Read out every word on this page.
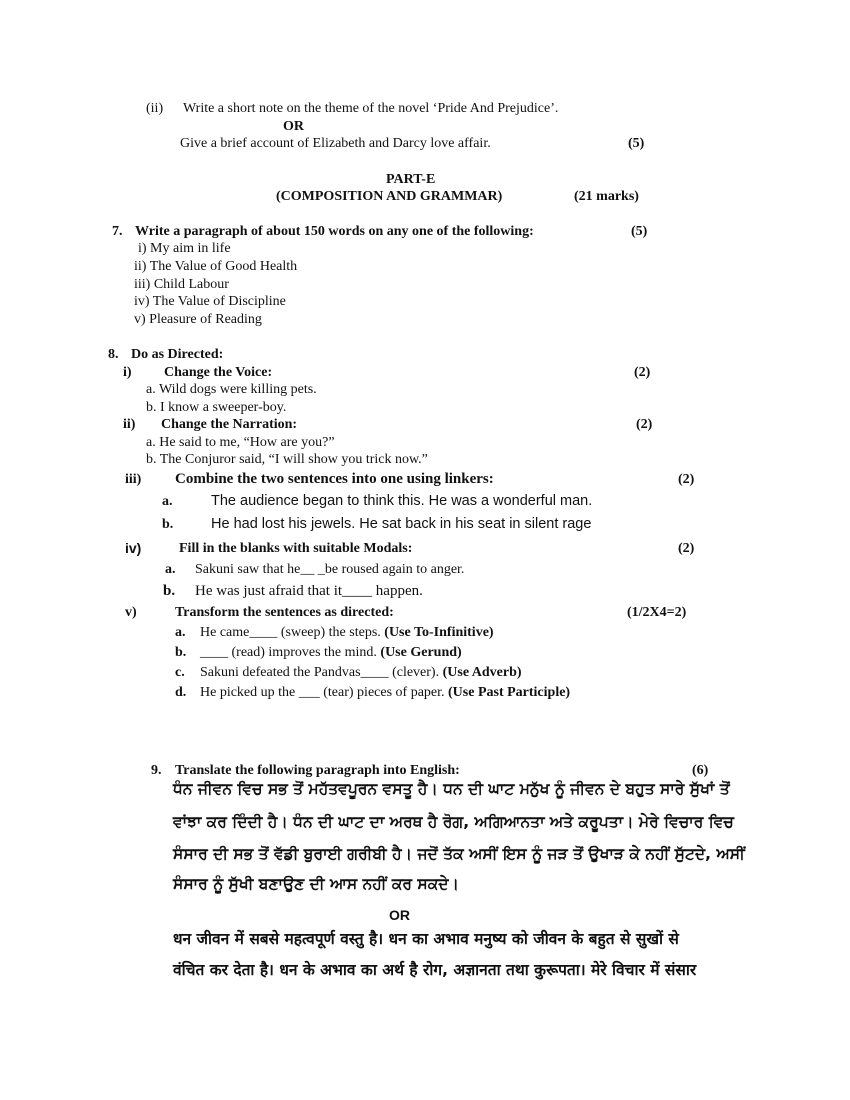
(ii) Write a short note on the theme of the novel ‘Pride And Prejudice’.
OR
Give a brief account of Elizabeth and Darcy love affair.	(5)
PART-E
(COMPOSITION AND GRAMMAR)	(21 marks)
7. Write a paragraph of about 150 words on any one of the following:	(5)
i) My aim in life
ii) The Value of Good Health
iii) Child Labour
iv) The Value of Discipline
v) Pleasure of Reading
8. Do as Directed:
i) Change the Voice:	(2)
a. Wild dogs were killing pets.
b. I know a sweeper-boy.
ii) Change the Narration:	(2)
a. He said to me, “How are you?”
b. The Conjuror said, “I will show you trick now.”
iii) Combine the two sentences into one using linkers:	(2)
a.	The audience began to think this. He was a wonderful man.
b.	He had lost his jewels. He sat back in his seat in silent rage
iv)	Fill in the blanks with suitable Modals:	(2)
a. Sakuni saw that he__ _be roused again to anger.
b. He was just afraid that it____ happen.
v)	Transform the sentences as directed:	(1/2X4=2)
a. He came____ (sweep) the steps. (Use To-Infinitive)
b. ____ (read) improves the mind. (Use Gerund)
c. Sakuni defeated the Pandvas____ (clever). (Use Adverb)
d. He picked up the ___ (tear) pieces of paper. (Use Past Participle)
9. Translate the following paragraph into English:	(6)
ਧੰਨ ਜੀਵਨ ਵਿਚ ਸਭ ਤੋਂ ਮਹੱਤਵਪੂਰਨ ਵਸਤੂ ਹੈ। ਧਨ ਦੀ ਘਾਟ ਮਨੁੱਖ ਨੂੰ ਜੀਵਨ ਦੇ ਬਹੁਤ ਸਾਰੇ ਸੁੱਖਾਂ ਤੋਂ
ਵਾਂਝਾ ਕਰ ਦਿੰਦੀ ਹੈ। ਧੰਨ ਦੀ ਘਾਟ ਦਾ ਅਰਥ ਹੈ ਰੋਗ, ਅਗਿਆਨਤਾ ਅਤੇ ਕਰੂਪਤਾ। ਮੇਰੇ ਵਿਚਾਰ ਵਿਚ
ਸੰਸਾਰ ਦੀ ਸਭ ਤੋਂ ਵੱਡੀ ਬੁਰਾਈ ਗਰੀਬੀ ਹੈ। ਜਦੋਂ ਤੱਕ ਅਸੀਂ ਇਸ ਨੂੰ ਜੜ ਤੋਂ ਉਖਾੜ ਕੇ ਨਹੀਂ ਸੁੱਟਦੇ, ਅਸੀਂ
ਸੰਸਾਰ ਨੂੰ ਸੁੱਖੀ ਬਣਾਉਣ ਦੀ ਆਸ ਨਹੀਂ ਕਰ ਸਕਦੇ।
OR
धन जीवन में सबसे महत्वपूर्ण वस्तु है। धन का अभाव मनुष्य को जीवन के बहुत से सुखों से
वंचित कर देता है। धन के अभाव का अर्थ है रोग, अज्ञानता तथा कुरूपता। मेरे विचार में संसार
